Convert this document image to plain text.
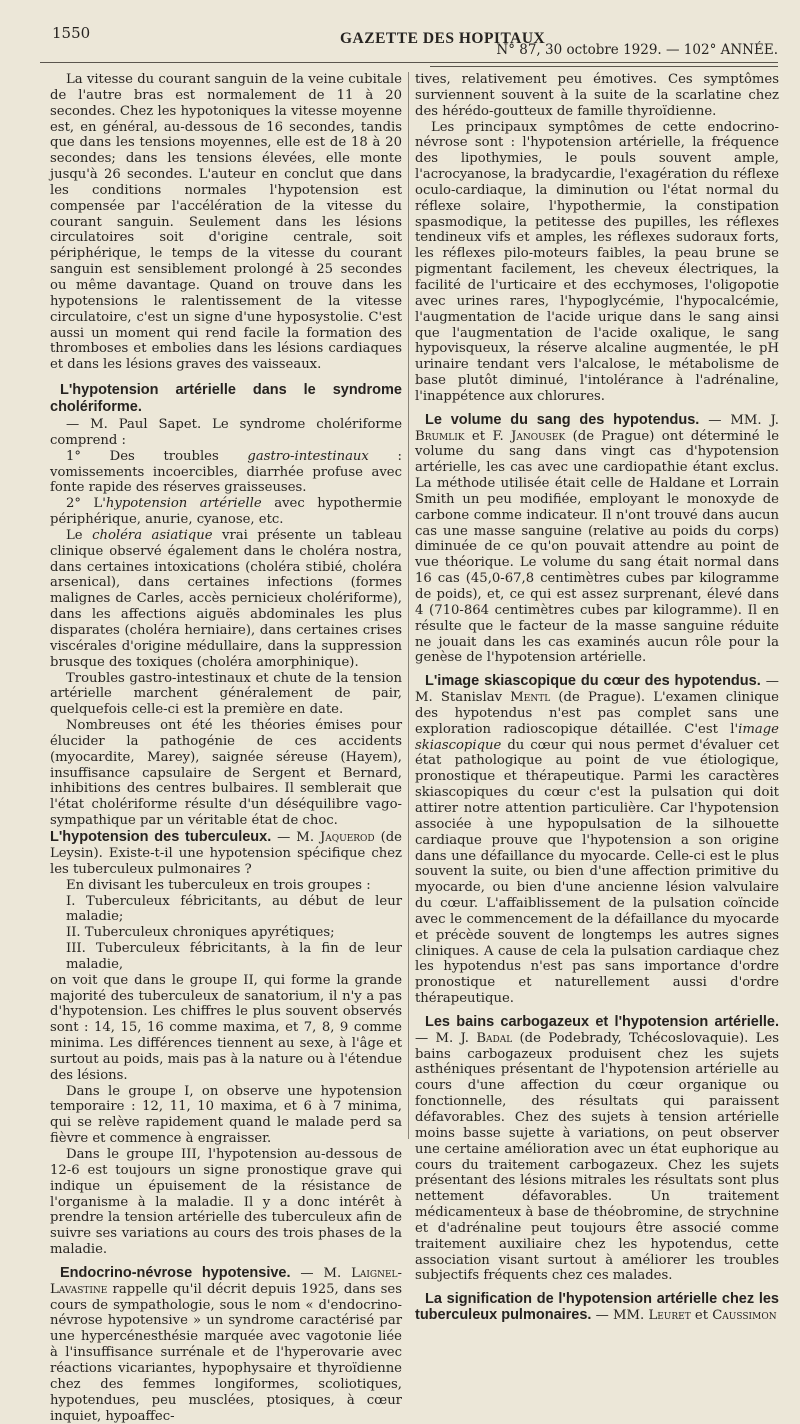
1550	GAZETTE DES HOPITAUX
N° 87, 30 octobre 1929. — 102° ANNÉE.

La vitesse du courant sanguin de la veine cubitale de l'autre bras est normalement de 11 à 20 secondes. Chez les hypotoniques la vitesse moyenne est, en général, au-dessous de 16 secondes, tandis que dans les tensions moyennes, elle est de 18 à 20 secondes; dans les tensions élevées, elle monte jusqu'à 26 secondes. L'auteur en conclut que dans les conditions normales l'hypotension est compensée par l'accélération de la vitesse du courant sanguin. Seulement dans les lésions circulatoires soit d'origine centrale, soit périphérique, le temps de la vitesse du courant sanguin est sensiblement prolongé à 25 secondes ou même davantage. Quand on trouve dans les hypotensions le ralentissement de la vitesse circulatoire, c'est un signe d'une hyposystolie. C'est aussi un moment qui rend facile la formation des thromboses et embolies dans les lésions cardiaques et dans les lésions graves des vaisseaux.

L'hypotension artérielle dans le syndrome cholériforme.

— M. Paul Sapet. Le syndrome cholériforme comprend :

1° Des troubles gastro-intestinaux : vomissements incoercibles, diarrhée profuse avec fonte rapide des réserves graisseuses.

2° L'hypotension artérielle avec hypothermie périphérique, anurie, cyanose, etc.

Le choléra asiatique vrai présente un tableau clinique observé également dans le choléra nostra, dans certaines intoxications (choléra stibié, choléra arsenical), dans certaines infections (formes malignes de Carles, accès pernicieux cholériforme), dans les affections aiguës abdominales les plus disparates (choléra herniaire), dans certaines crises viscérales d'origine médullaire, dans la suppression brusque des toxiques (choléra amorphinique).

Troubles gastro-intestinaux et chute de la tension artérielle marchent généralement de pair, quelquefois celle-ci est la première en date.

Nombreuses ont été les théories émises pour élucider la pathogénie de ces accidents (myocardite, Marey), saignée séreuse (Hayem), insuffisance capsulaire de Sergent et Bernard, inhibitions des centres bulbaires. Il semblerait que l'état cholériforme résulte d'un déséquilibre vago-sympathique par un véritable état de choc.

L'hypotension des tuberculeux. — M. Jaquerod (de Leysin). Existe-t-il une hypotension spécifique chez les tuberculeux pulmonaires ?

En divisant les tuberculeux en trois groupes :

I. Tuberculeux fébricitants, au début de leur maladie;

II. Tuberculeux chroniques apyrétiques;

III. Tuberculeux fébricitants, à la fin de leur maladie,

on voit que dans le groupe II, qui forme la grande majorité des tuberculeux de sanatorium, il n'y a pas d'hypotension. Les chiffres le plus souvent observés sont : 14, 15, 16 comme maxima, et 7, 8, 9 comme minima. Les différences tiennent au sexe, à l'âge et surtout au poids, mais pas à la nature ou à l'étendue des lésions.

Dans le groupe I, on observe une hypotension temporaire : 12, 11, 10 maxima, et 6 à 7 minima, qui se relève rapidement quand le malade perd sa fièvre et commence à engraisser.

Dans le groupe III, l'hypotension au-dessous de 12-6 est toujours un signe pronostique grave qui indique un épuisement de la résistance de l'organisme à la maladie. Il y a donc intérêt à prendre la tension artérielle des tuberculeux afin de suivre ses variations au cours des trois phases de la maladie.

Endocrino-névrose hypotensive. — M. Laignel-Lavastine rappelle qu'il décrit depuis 1925, dans ses cours de sympathologie, sous le nom « d'endocrino-névrose hypotensive » un syndrome caractérisé par une hypercénesthésie marquée avec vagotonie liée à l'insuffisance surrénale et de l'hyperovarie avec réactions vicariantes, hypophysaire et thyroïdienne chez des femmes longiformes, scoliotiques, hypotendues, peu musclées, ptosiques, à cœur inquiet, hypoaffec-

tives, relativement peu émotives. Ces symptômes surviennent souvent à la suite de la scarlatine chez des hérédo-goutteux de famille thyroïdienne.

Les principaux symptômes de cette endocrino-névrose sont : l'hypotension artérielle, la fréquence des lipothymies, le pouls souvent ample, l'acrocyanose, la bradycardie, l'exagération du réflexe oculo-cardiaque, la diminution ou l'état normal du réflexe solaire, l'hypothermie, la constipation spasmodique, la petitesse des pupilles, les réflexes tendineux vifs et amples, les réflexes sudoraux forts, les réflexes pilo-moteurs faibles, la peau brune se pigmentant facilement, les cheveux électriques, la facilité de l'urticaire et des ecchymoses, l'oligopotie avec urines rares, l'hypoglycémie, l'hypocalcémie, l'augmentation de l'acide urique dans le sang ainsi que l'augmentation de l'acide oxalique, le sang hypovisqueux, la réserve alcaline augmentée, le pH urinaire tendant vers l'alcalose, le métabolisme de base plutôt diminué, l'intolérance à l'adrénaline, l'inappétence aux chlorures.

Le volume du sang des hypotendus. — MM. J. Brumlik et F. Janousek (de Prague) ont déterminé le volume du sang dans vingt cas d'hypotension artérielle, les cas avec une cardiopathie étant exclus. La méthode utilisée était celle de Haldane et Lorrain Smith un peu modifiée, employant le monoxyde de carbone comme indicateur. Il n'ont trouvé dans aucun cas une masse sanguine (relative au poids du corps) diminuée de ce qu'on pouvait attendre au point de vue théorique. Le volume du sang était normal dans 16 cas (45,0-67,8 centimètres cubes par kilogramme de poids), et, ce qui est assez surprenant, élevé dans 4 (710-864 centimètres cubes par kilogramme). Il en résulte que le facteur de la masse sanguine réduite ne jouait dans les cas examinés aucun rôle pour la genèse de l'hypotension artérielle.
L'image skiascopique du cœur des hypotendus. — M. Stanislav Mentl (de Prague). L'examen clinique des hypotendus n'est pas complet sans une exploration radioscopique détaillée. C'est l'image skiascopique du cœur qui nous permet d'évaluer cet état pathologique au point de vue étiologique, pronostique et thérapeutique. Parmi les caractères skiascopiques du cœur c'est la pulsation qui doit attirer notre attention particulière. Car l'hypotension associée à une hypopulsation de la silhouette cardiaque prouve que l'hypotension a son origine dans une défaillance du myocarde. Celle-ci est le plus souvent la suite, ou bien d'une affection primitive du myocarde, ou bien d'une ancienne lésion valvulaire du cœur. L'affaiblissement de la pulsation coïncide avec le commencement de la défaillance du myocarde et précède souvent de longtemps les autres signes cliniques. A cause de cela la pulsation cardiaque chez les hypotendus n'est pas sans importance d'ordre pronostique et naturellement aussi d'ordre thérapeutique.
Les bains carbogazeux et l'hypotension artérielle. — M. J. Badal (de Podebrady, Tchécoslovaquie). Les bains carbogazeux produisent chez les sujets asthéniques présentant de l'hypotension artérielle au cours d'une affection du cœur organique ou fonctionnelle, des résultats qui paraissent défavorables. Chez des sujets à tension artérielle moins basse sujette à variations, on peut observer une certaine amélioration avec un état euphorique au cours du traitement carbogazeux. Chez les sujets présentant des lésions mitrales les résultats sont plus nettement défavorables. Un traitement médicamenteux à base de théobromine, de strychnine et d'adrénaline peut toujours être associé comme traitement auxiliaire chez les hypotendus, cette association visant surtout à améliorer les troubles subjectifs fréquents chez ces malades.
La signification de l'hypotension artérielle chez les tuberculeux pulmonaires. — MM. Leuret et Caussimon
